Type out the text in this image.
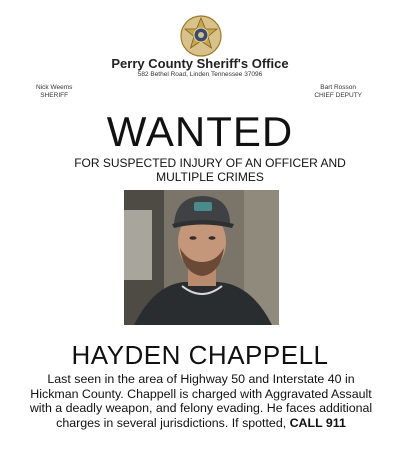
Perry County Sheriff's Office
582 Bethel Road, Linden Tennessee 37096
Nick Weems
SHERIFF
Bart Rosson
CHIEF DEPUTY
WANTED
FOR SUSPECTED INJURY OF AN OFFICER AND MULTIPLE CRIMES
HAYDEN CHAPPELL
Last seen in the area of Highway 50 and Interstate 40 in Hickman County. Chappell is charged with Aggravated Assault with a deadly weapon, and felony evading. He faces additional charges in several jurisdictions. If spotted, CALL 911
